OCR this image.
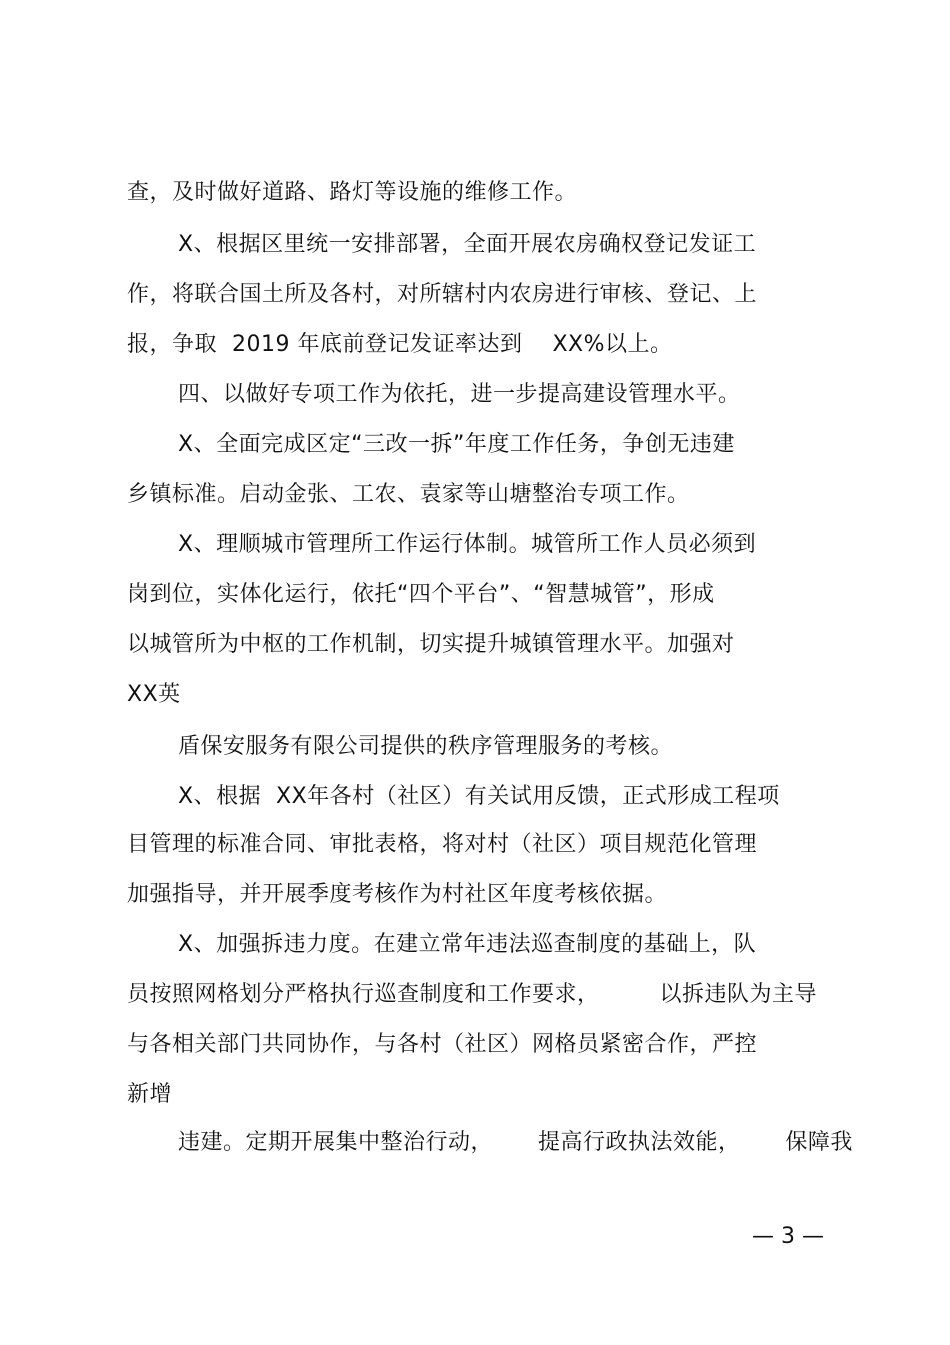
查，及时做好道路、路灯等设施的维修工作。
X、根据区里统一安排部署，全面开展农房确权登记发证工
作，将联合国土所及各村，对所辖村内农房进行审核、登记、上
报，争取  2019 年底前登记发证率达到    XX%以上。
四、以做好专项工作为依托，进一步提高建设管理水平。
X、全面完成区定“三改一拆”年度工作任务，争创无违建
乡镇标准。启动金张、工农、袁家等山塘整治专项工作。
X、理顺城市管理所工作运行体制。城管所工作人员必须到
岗到位，实体化运行，依托“四个平台”、“智慧城管”，形成
以城管所为中枢的工作机制，切实提升城镇管理水平。加强对
XX英
盾保安服务有限公司提供的秩序管理服务的考核。
X、根据  XX年各村（社区）有关试用反馈，正式形成工程项
目管理的标准合同、审批表格，将对村（社区）项目规范化管理
加强指导，并开展季度考核作为村社区年度考核依据。
X、加强拆违力度。在建立常年违法巡查制度的基础上，队
员按照网格划分严格执行巡查制度和工作要求，        以拆违队为主导
与各相关部门共同协作，与各村（社区）网格员紧密合作，严控
新增
违建。定期开展集中整治行动，      提高行政执法效能，      保障我
— 3 —
